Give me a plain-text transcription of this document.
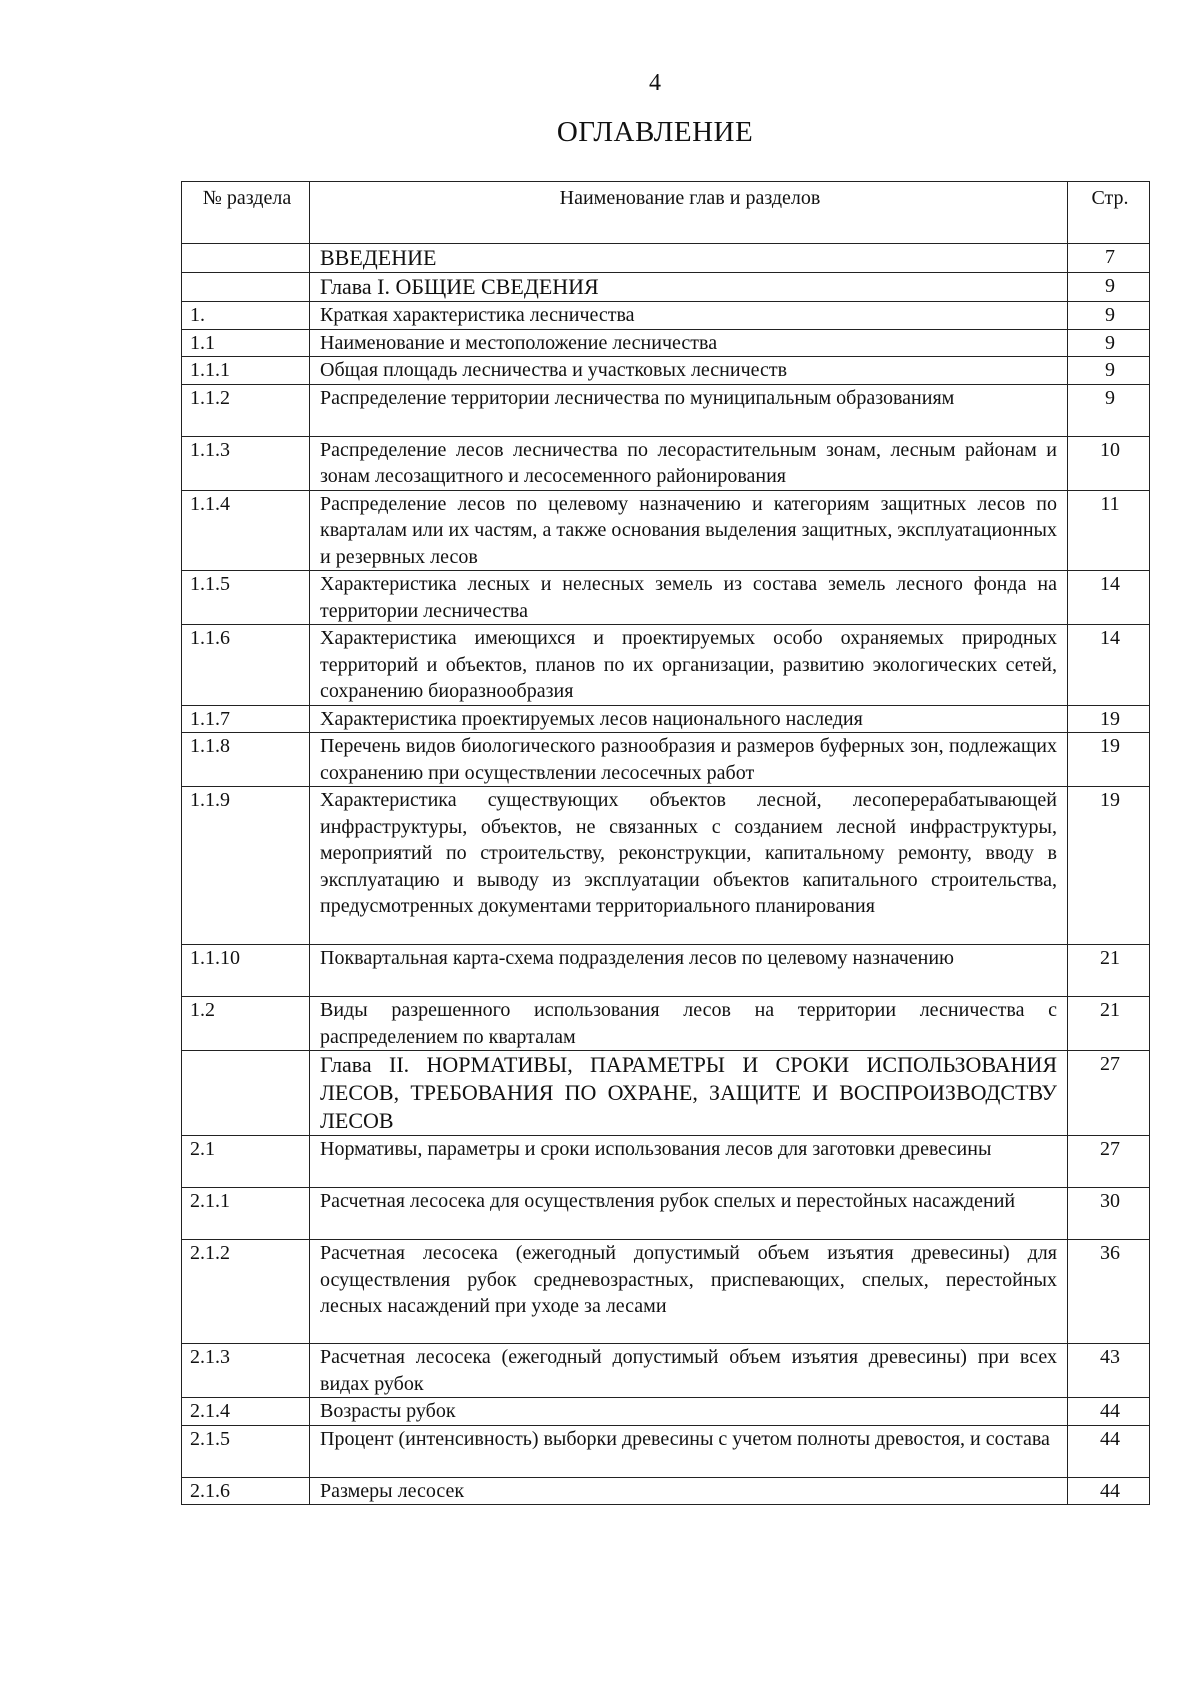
4
ОГЛАВЛЕНИЕ
№ раздела	Наименование глав и разделов	Стр.
	ВВЕДЕНИЕ	7
	Глава I. ОБЩИЕ СВЕДЕНИЯ	9
1.	Краткая характеристика лесничества	9
1.1	Наименование и местоположение лесничества	9
1.1.1	Общая площадь лесничества и участковых лесничеств	9
1.1.2	Распределение территории лесничества по муниципальным образованиям	9
1.1.3	Распределение лесов лесничества по лесорастительным зонам, лесным районам и зонам лесозащитного и лесосеменного районирования	10
1.1.4	Распределение лесов по целевому назначению и категориям защитных лесов по кварталам или их частям, а также основания выделения защитных, эксплуатационных и резервных лесов	11
1.1.5	Характеристика лесных и нелесных земель из состава земель лесного фонда на территории лесничества	14
1.1.6	Характеристика имеющихся и проектируемых особо охраняемых природных территорий и объектов, планов по их организации, развитию экологических сетей, сохранению биоразнообразия	14
1.1.7	Характеристика проектируемых лесов национального наследия	19
1.1.8	Перечень видов биологического разнообразия и размеров буферных зон, подлежащих сохранению при осуществлении лесосечных работ	19
1.1.9	Характеристика существующих объектов лесной, лесоперерабатывающей инфраструктуры, объектов, не связанных с созданием лесной инфраструктуры, мероприятий по строительству, реконструкции, капитальному ремонту, вводу в эксплуатацию и выводу из эксплуатации объектов капитального строительства, предусмотренных документами территориального планирования	19
1.1.10	Поквартальная карта-схема подразделения лесов по целевому назначению	21
1.2	Виды разрешенного использования лесов на территории лесничества с распределением по кварталам	21
	Глава II. НОРМАТИВЫ, ПАРАМЕТРЫ И СРОКИ ИСПОЛЬЗОВАНИЯ ЛЕСОВ, ТРЕБОВАНИЯ ПО ОХРАНЕ, ЗАЩИТЕ И ВОСПРОИЗВОДСТВУ ЛЕСОВ	27
2.1	Нормативы, параметры и сроки использования лесов для заготовки древесины	27
2.1.1	Расчетная лесосека для осуществления рубок спелых и перестойных насаждений	30
2.1.2	Расчетная лесосека (ежегодный допустимый объем изъятия древесины) для осуществления рубок средневозрастных, приспевающих, спелых, перестойных лесных насаждений при уходе за лесами	36
2.1.3	Расчетная лесосека (ежегодный допустимый объем изъятия древесины) при всех видах рубок	43
2.1.4	Возрасты рубок	44
2.1.5	Процент (интенсивность) выборки древесины с учетом полноты древостоя, и состава	44
2.1.6	Размеры лесосек	44
